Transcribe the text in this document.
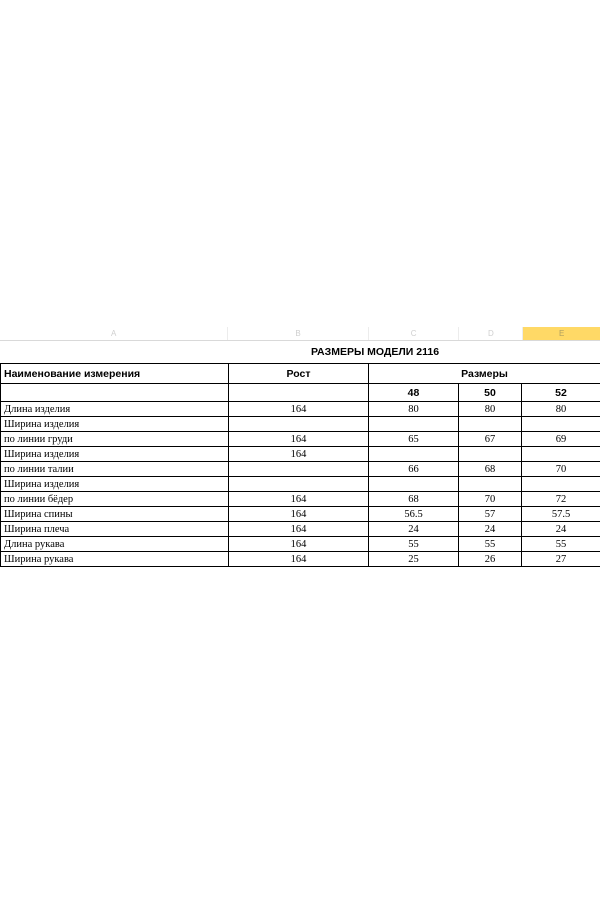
A	B	C	D	E
	РАЗМЕРЫ МОДЕЛИ 2116			
Наименование измерения	Рост	Размеры		
		48	50	52
Длина изделия	164	80	80	80
Ширина изделия				
по линии груди	164	65	67	69
Ширина изделия	164			
по линии талии		66	68	70
Ширина изделия				
по линии бёдер	164	68	70	72
Ширина спины	164	56.5	57	57.5
Ширина плеча	164	24	24	24
Длина рукава	164	55	55	55
Ширина рукава	164	25	26	27
